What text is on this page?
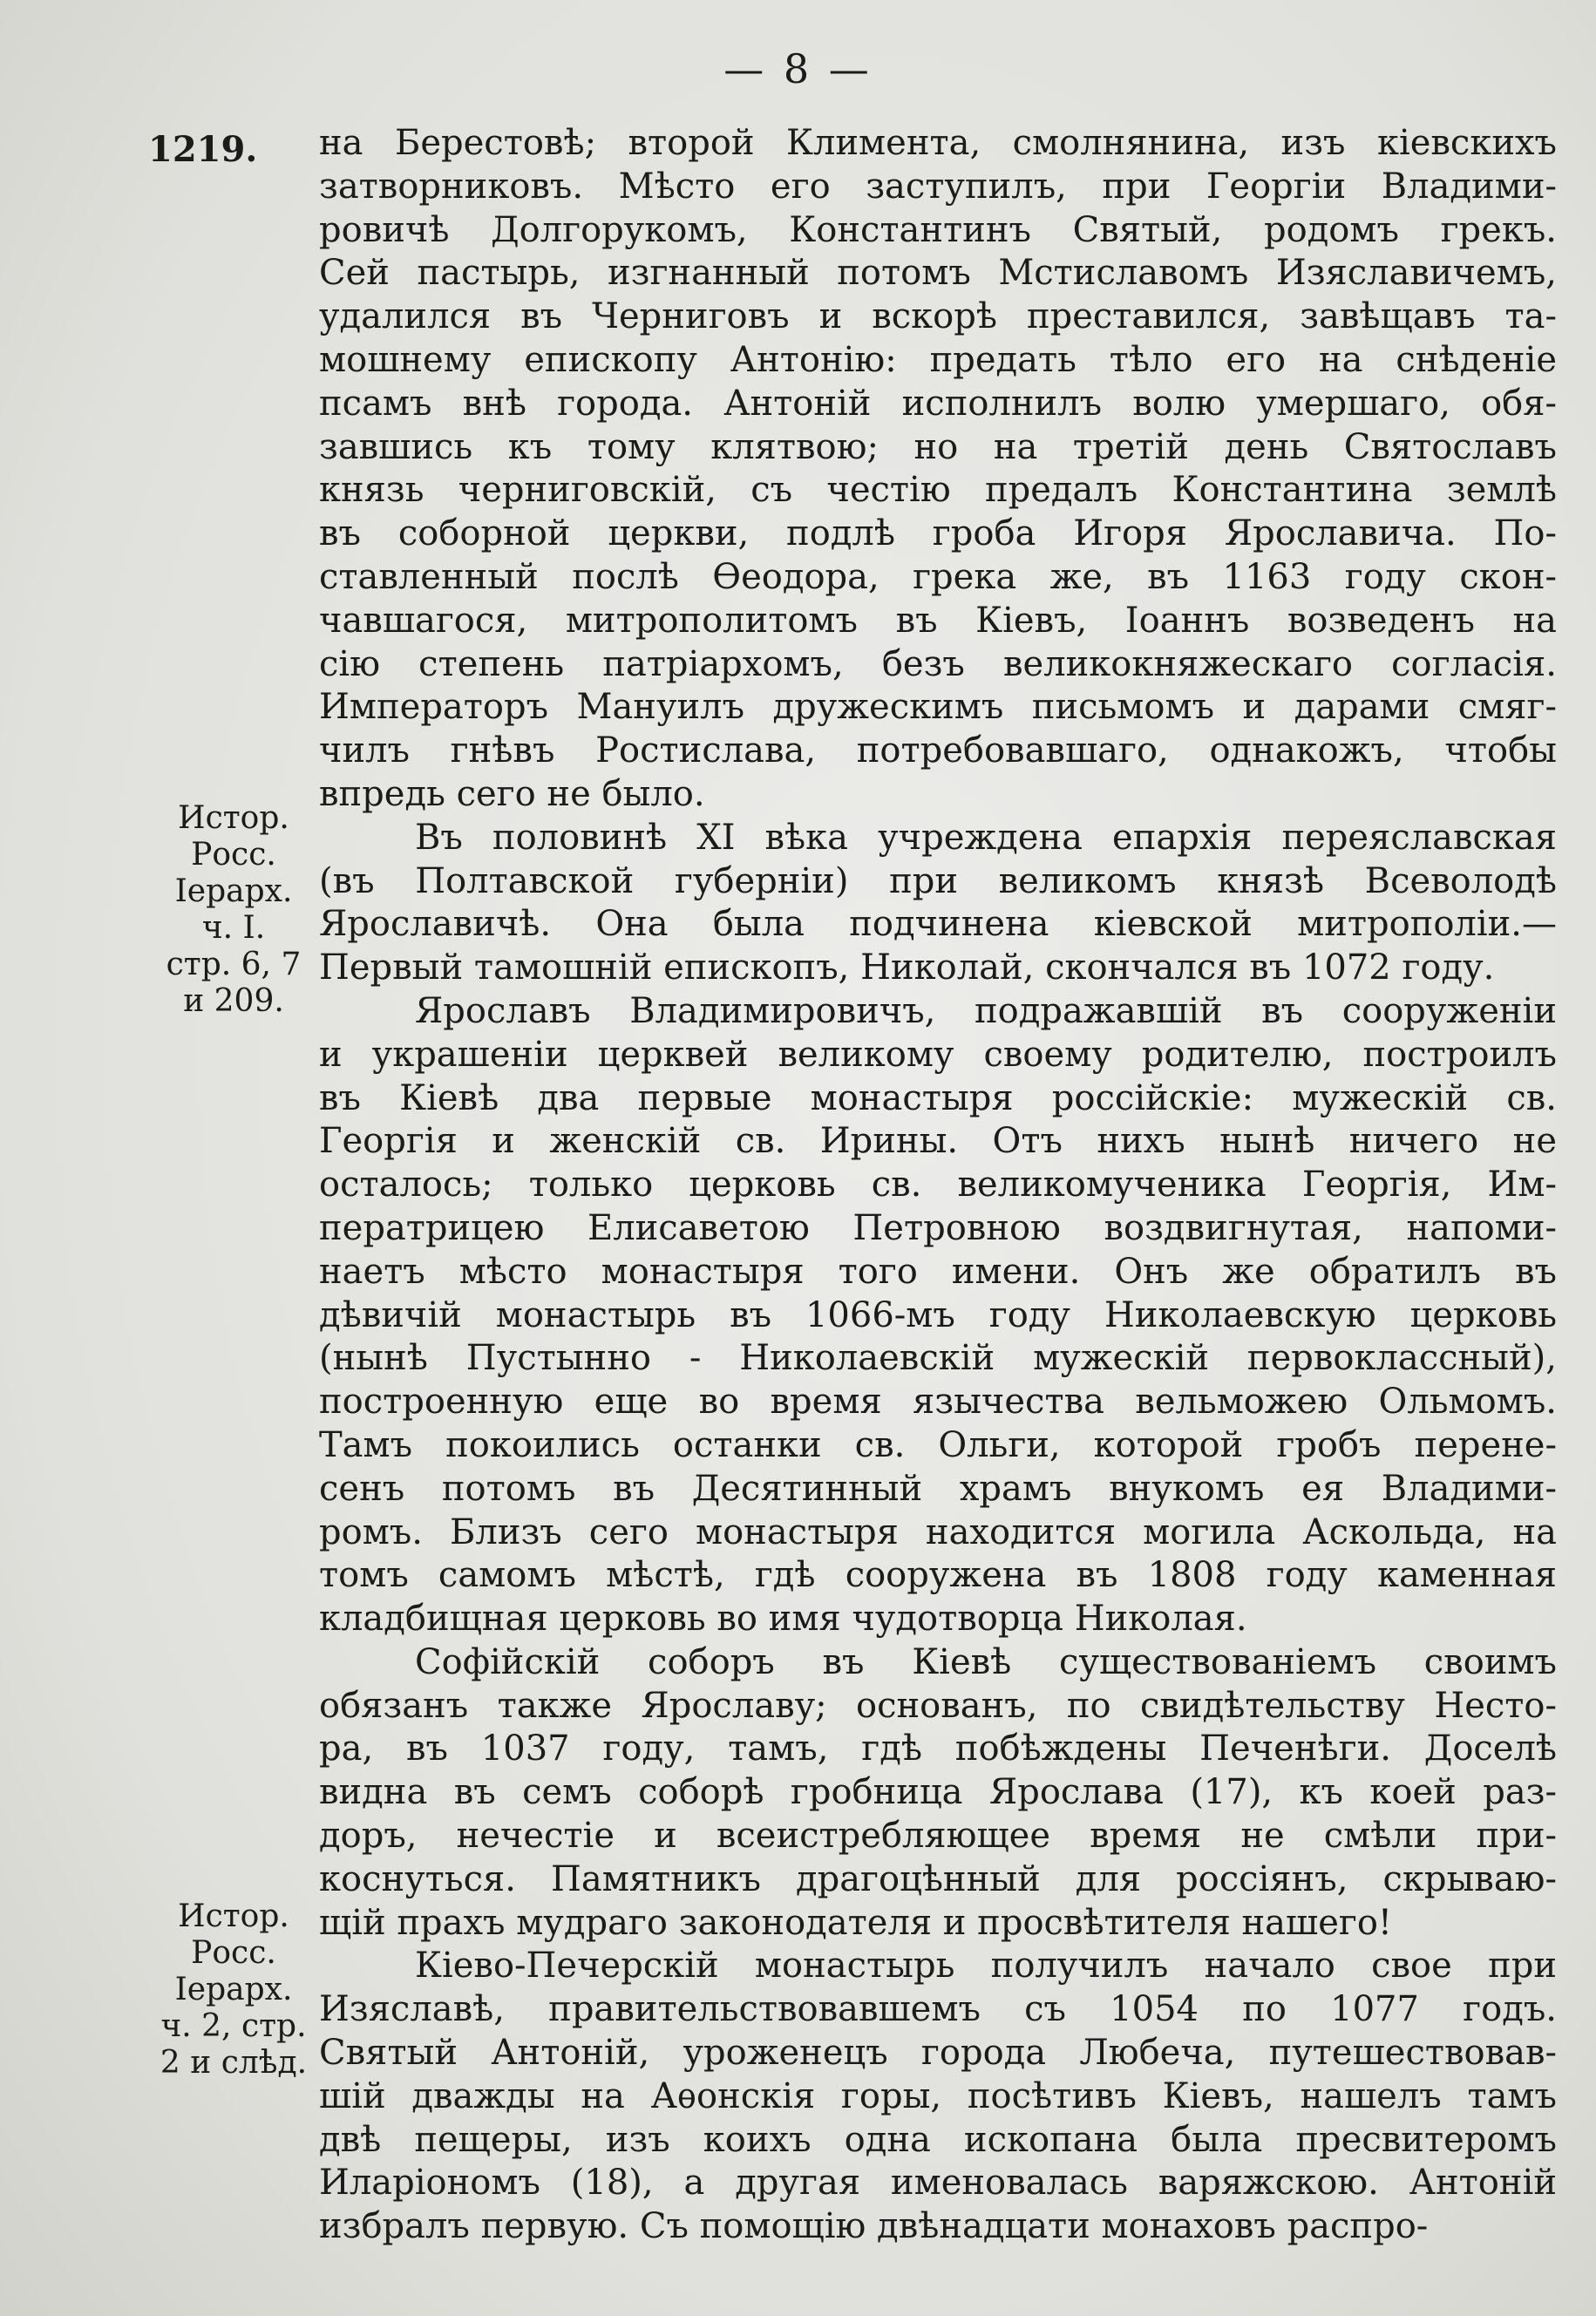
— 8 —
1219.
Истор.
Росс.
Іерарх.
ч. I.
стр. 6, 7
и 209.
Истор.
Росс.
Іерарх.
ч. 2, стр.
2 и слѣд.
на Берестовѣ; второй Климента, смолнянина, изъ кіевскихъ
затворниковъ. Мѣсто его заступилъ, при Георгіи Владими-
ровичѣ Долгорукомъ, Константинъ Святый, родомъ грекъ.
Сей пастырь, изгнанный потомъ Мстиславомъ Изяславичемъ,
удалился въ Черниговъ и вскорѣ преставился, завѣщавъ та-
мошнему епископу Антонію: предать тѣло его на снѣденіе
псамъ внѣ города. Антоній исполнилъ волю умершаго, обя-
завшись къ тому клятвою; но на третій день Святославъ
князь черниговскій, съ честію предалъ Константина землѣ
въ соборной церкви, подлѣ гроба Игоря Ярославича. По-
ставленный послѣ Ѳеодора, грека же, въ 1163 году скон-
чавшагося, митрополитомъ въ Кіевъ, Іоаннъ возведенъ на
сію степень патріархомъ, безъ великокняжескаго согласія.
Императоръ Мануилъ дружескимъ письмомъ и дарами смяг-
чилъ гнѣвъ Ростислава, потребовавшаго, однакожъ, чтобы
впредь сего не было.
Въ половинѣ XI вѣка учреждена епархія переяславская
(въ Полтавской губерніи) при великомъ князѣ Всеволодѣ
Ярославичѣ. Она была подчинена кіевской митрополіи.—
Первый тамошній епископъ, Николай, скончался въ 1072 году.
Ярославъ Владимировичъ, подражавшій въ сооруженіи
и украшеніи церквей великому своему родителю, построилъ
въ Кіевѣ два первые монастыря россійскіе: мужескій св.
Георгія и женскій св. Ирины. Отъ нихъ нынѣ ничего не
осталось; только церковь св. великомученика Георгія, Им-
ператрицею Елисаветою Петровною воздвигнутая, напоми-
наетъ мѣсто монастыря того имени. Онъ же обратилъ въ
дѣвичій монастырь въ 1066-мъ году Николаевскую церковь
(нынѣ Пустынно - Николаевскій мужескій первоклассный),
построенную еще во время язычества вельможею Ольмомъ.
Тамъ покоились останки св. Ольги, которой гробъ перене-
сенъ потомъ въ Десятинный храмъ внукомъ ея Владими-
ромъ. Близъ сего монастыря находится могила Аскольда, на
томъ самомъ мѣстѣ, гдѣ сооружена въ 1808 году каменная
кладбищная церковь во имя чудотворца Николая.
Софійскій соборъ въ Кіевѣ существованіемъ своимъ
обязанъ также Ярославу; основанъ, по свидѣтельству Несто-
ра, въ 1037 году, тамъ, гдѣ побѣждены Печенѣги. Доселѣ
видна въ семъ соборѣ гробница Ярослава (17), къ коей раз-
доръ, нечестіе и всеистребляющее время не смѣли при-
коснуться. Памятникъ драгоцѣнный для россіянъ, скрываю-
щій прахъ мудраго законодателя и просвѣтителя нашего!
Кіево-Печерскій монастырь получилъ начало свое при
Изяславѣ, правительствовавшемъ съ 1054 по 1077 годъ.
Святый Антоній, уроженецъ города Любеча, путешествовав-
шій дважды на Аѳонскія горы, посѣтивъ Кіевъ, нашелъ тамъ
двѣ пещеры, изъ коихъ одна ископана была пресвитеромъ
Иларіономъ (18), а другая именовалась варяжскою. Антоній
избралъ первую. Съ помощію двѣнадцати монаховъ распро-
